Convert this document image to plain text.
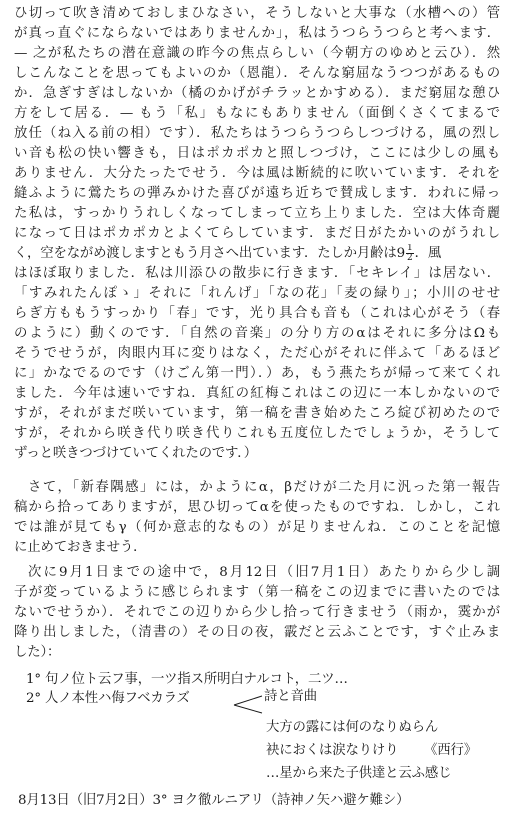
ひ切って吹き清めておしまひなさい，そうしないと大事な（水槽への）管
が真っ直ぐにならないではありませんか」，私はうつらうつらと考へます．
— 之が私たちの潜在意識の昨今の焦点らしい（今朝方のゆめと云ひ）．然
しこんなことを思ってもよいのか（恩龍）．そんな窮屈なうつつがあるもの
か．急ぎすぎはしないか（橘のかげがチラッとかすめる）．まだ窮屈な憩ひ
方をして居る．— もう「私」もなにもありません（面倒くさくてまるで
放任（ね入る前の相）です）．私たちはうつらうつらしつづける，風の烈し
い音も松の快い響きも，日はポカポカと照しつづけ，ここには少しの風も
ありません．大分たったでせう．今は風は断続的に吹いています．それを
縫ふように鶯たちの弾みかけた喜びが遠ち近ちで賛成します．われに帰っ
た私は，すっかりうれしくなってしまって立ち上りました．空は大体奇麗
になって日はポカポカとよくてらしています．まだ日がたかいのがうれし
く，空をながめ渡しますともう月さへ出ています．たしか月齢は$9 \frac{1}{2}$ ．風
はほぼ取りました．私は川添ひの散歩に行きます．「セキレイ」は居ない．
「すみれたんぽゝ」それに「れんげ」「なの花」「麦の緑り」；小川のせせ
らぎ方ももうすっかり「春」です，光り具合も音も（これは心がそう（春
のように）動くのです．「自然の音楽」の分り方のαはそれに多分はΩも
そうでせうが，肉眼内耳に変りはなく，ただ心がそれに伴ふて「あるほど
に」かなでるのです（けごん第一門）．）あ，もう燕たちが帰って来てくれ
ました．今年は速いですね．真紅の紅梅これはこの辺に一本しかないので
すが，それがまだ咲いています，第一稿を書き始めたころ綻び初めたので
すが，それから咲き代り咲き代りこれも五度位したでしょうか，そうして
ずっと咲きつづけていてくれたのです．）
さて，「新春隅感」には，かようにα，βだけが二た月に汎った第一報告
稿から拾ってありますが，思ひ切ってαを使ったものですね．しかし，これ
では誰が見てもγ（何か意志的なもの）が足りませんね．このことを記憶
に止めておきませう．
次に9月1日までの途中で，8月12日（旧7月1日）あたりから少し調
子が変っているように感じられます（第一稿をこの辺までに書いたのでは
ないでせうか）．それでこの辺りから少し拾って行きませう（雨か，霙かが
降り出しました，（清書の）その日の夜，霰だと云ふことです，すぐ止みま
した）：
1° 句ノ位ト云フ事，一ツ指ス所明白ナルコト，二ツ…
2° 人ノ本性ハ侮フベカラズ	詩と音曲
大方の露には何のなりぬらん
袂におくは涙なりけり	《西行》
…星から来た子供達と云ふ感じ
8月13日（旧7月2日）3° ヨク徹ルニアリ（詩神ノ矢ハ避ケ難シ）
